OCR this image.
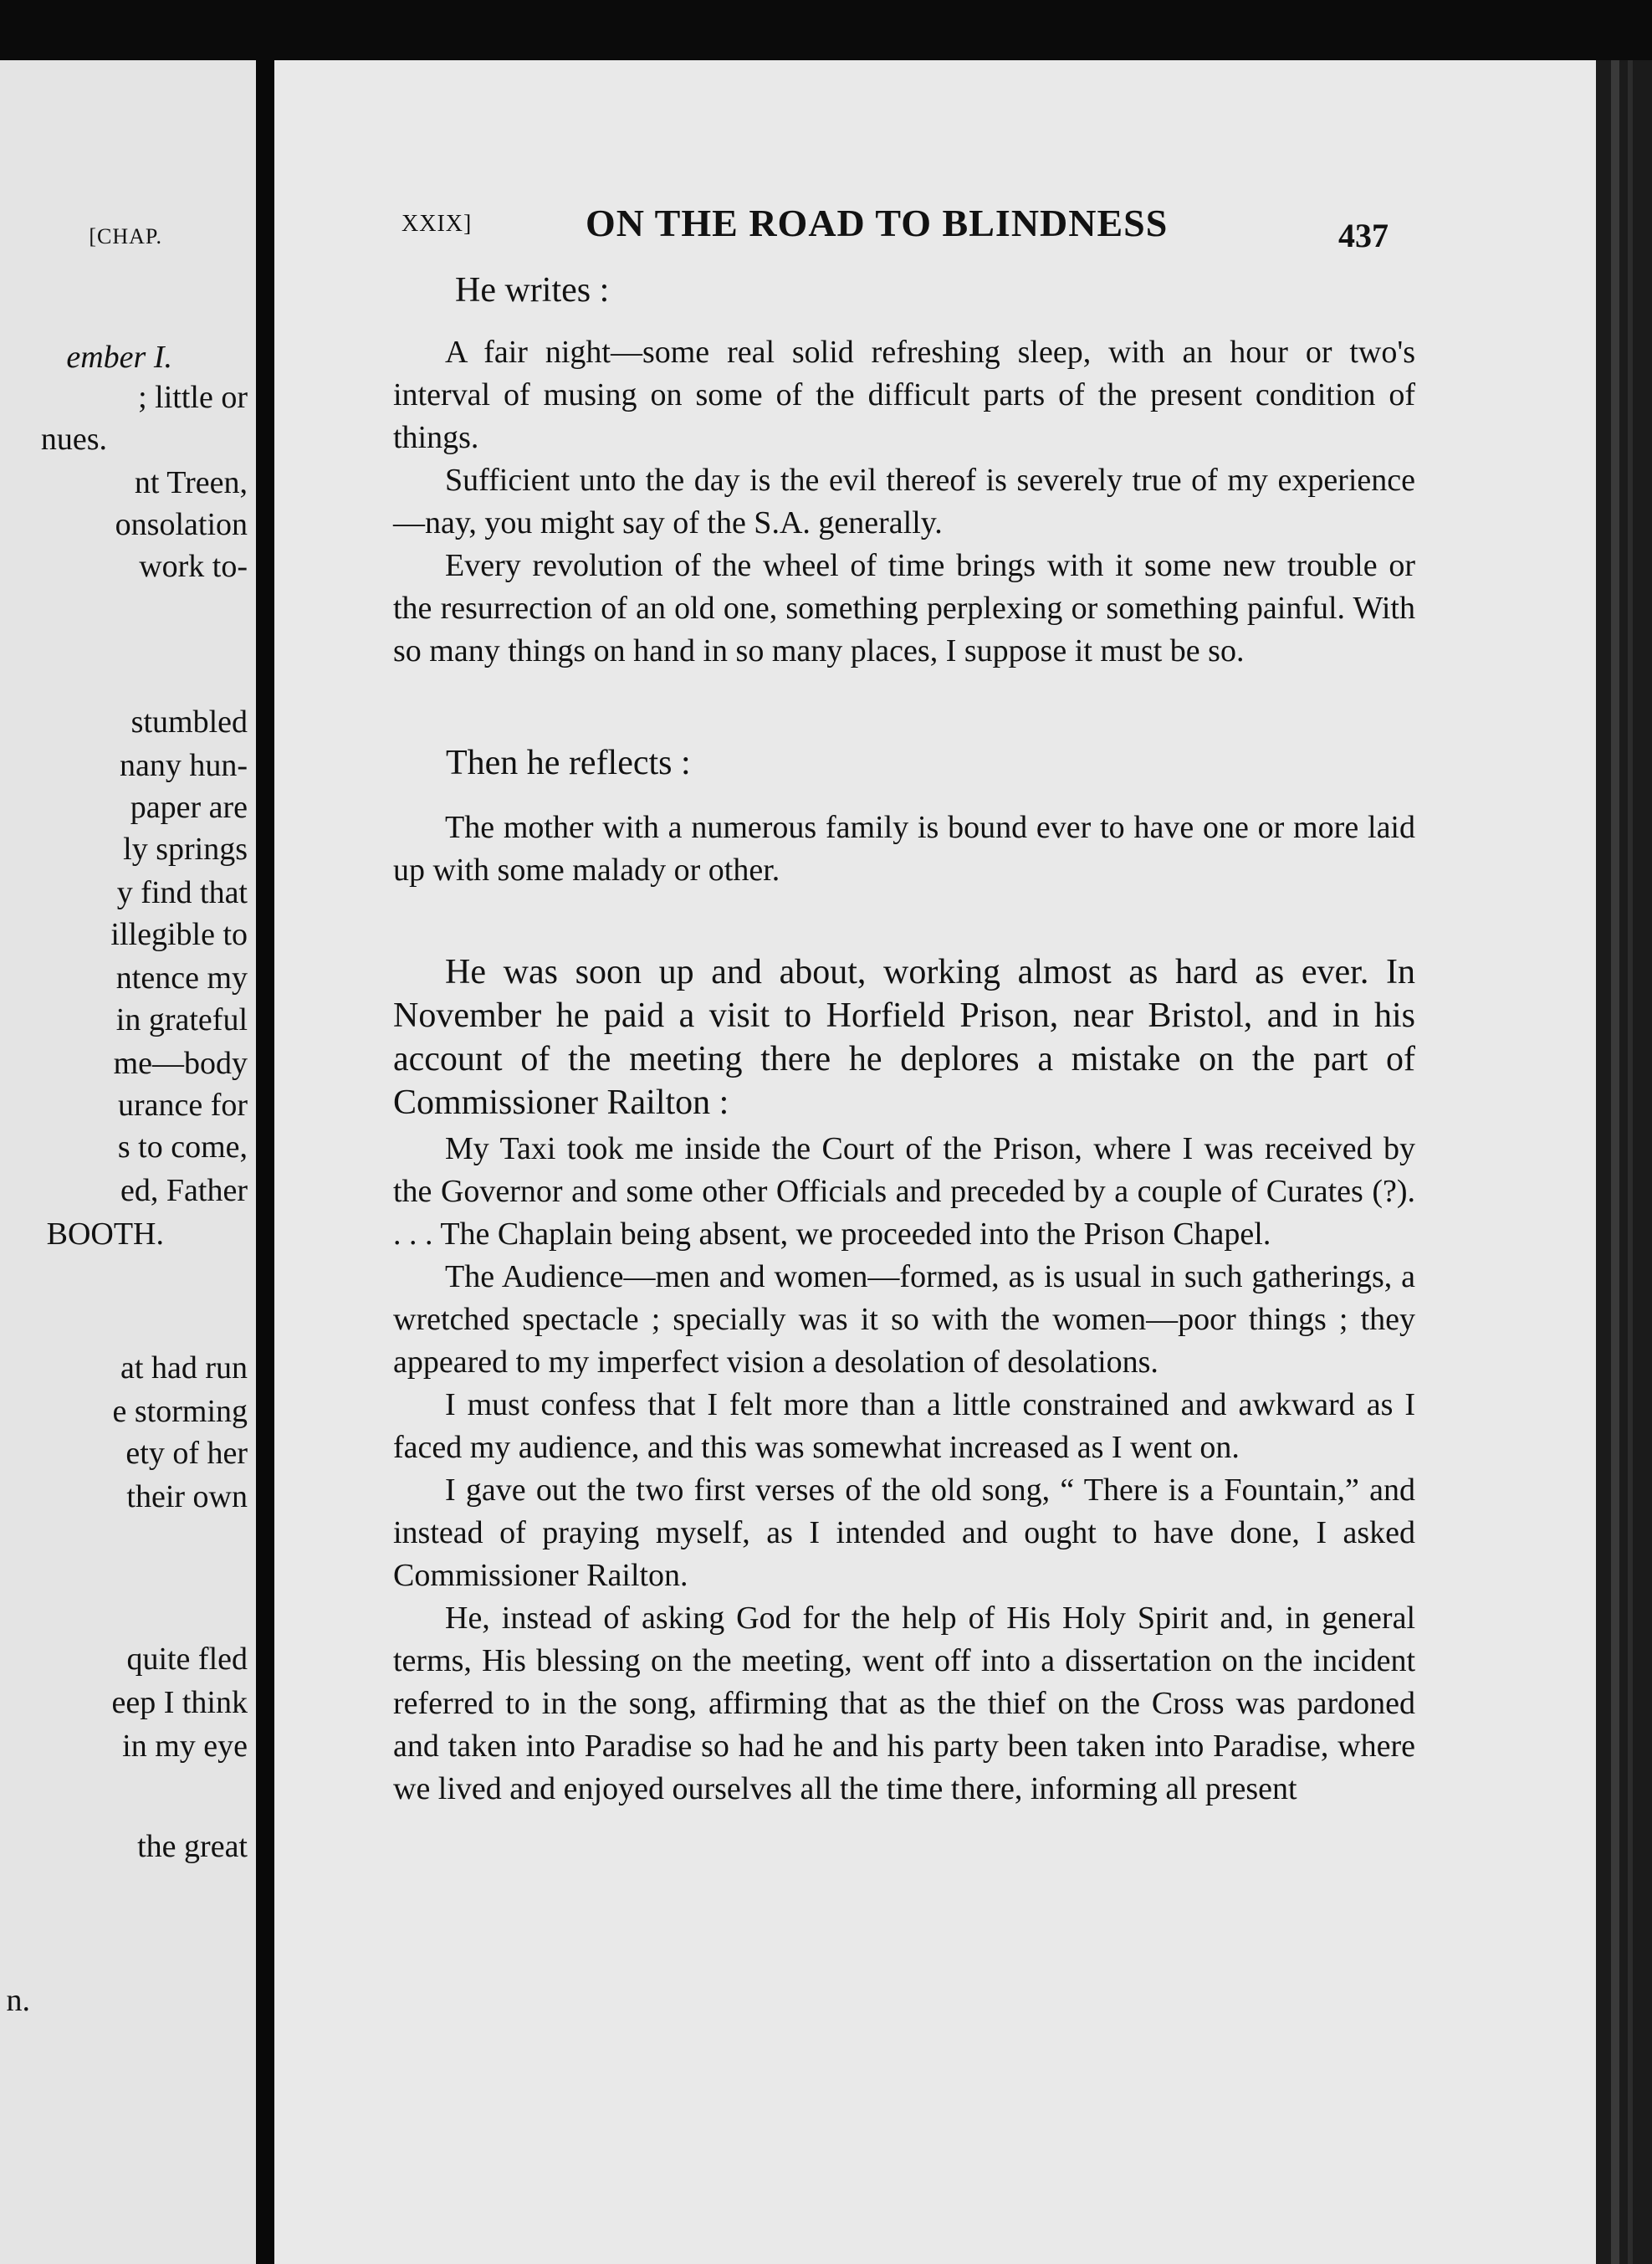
[CHAP.
ember I.
; little or
nues.
nt Treen,
onsolation
work to-
stumbled
nany hun-
paper are
ly springs
y find that
illegible to
ntence my
in grateful
me—body
urance for
s to come,
ed, Father
BOOTH.
at had run
e storming
ety of her
their own
quite fled
eep I think
in my eye
the great
n.
XXIX]	ON THE ROAD TO BLINDNESS	437
He writes :

A fair night—some real solid refreshing sleep, with an hour or two's interval of musing on some of the difficult parts of the present condition of things.

Sufficient unto the day is the evil thereof is severely true of my experience—nay, you might say of the S.A. generally.

Every revolution of the wheel of time brings with it some new trouble or the resurrection of an old one, something perplexing or something painful. With so many things on hand in so many places, I suppose it must be so.

Then he reflects :

The mother with a numerous family is bound ever to have one or more laid up with some malady or other.

He was soon up and about, working almost as hard as ever. In November he paid a visit to Horfield Prison, near Bristol, and in his account of the meeting there he deplores a mistake on the part of Commissioner Railton :

My Taxi took me inside the Court of the Prison, where I was received by the Governor and some other Officials and preceded by a couple of Curates (?). . . . The Chaplain being absent, we proceeded into the Prison Chapel.

The Audience—men and women—formed, as is usual in such gatherings, a wretched spectacle ; specially was it so with the women—poor things ; they appeared to my imperfect vision a desolation of desolations.

I must confess that I felt more than a little constrained and awkward as I faced my audience, and this was somewhat increased as I went on.

I gave out the two first verses of the old song, “ There is a Fountain,” and instead of praying myself, as I intended and ought to have done, I asked Commissioner Railton.

He, instead of asking God for the help of His Holy Spirit and, in general terms, His blessing on the meeting, went off into a dissertation on the incident referred to in the song, affirming that as the thief on the Cross was pardoned and taken into Paradise so had he and his party been taken into Paradise, where we lived and enjoyed ourselves all the time there, informing all present
